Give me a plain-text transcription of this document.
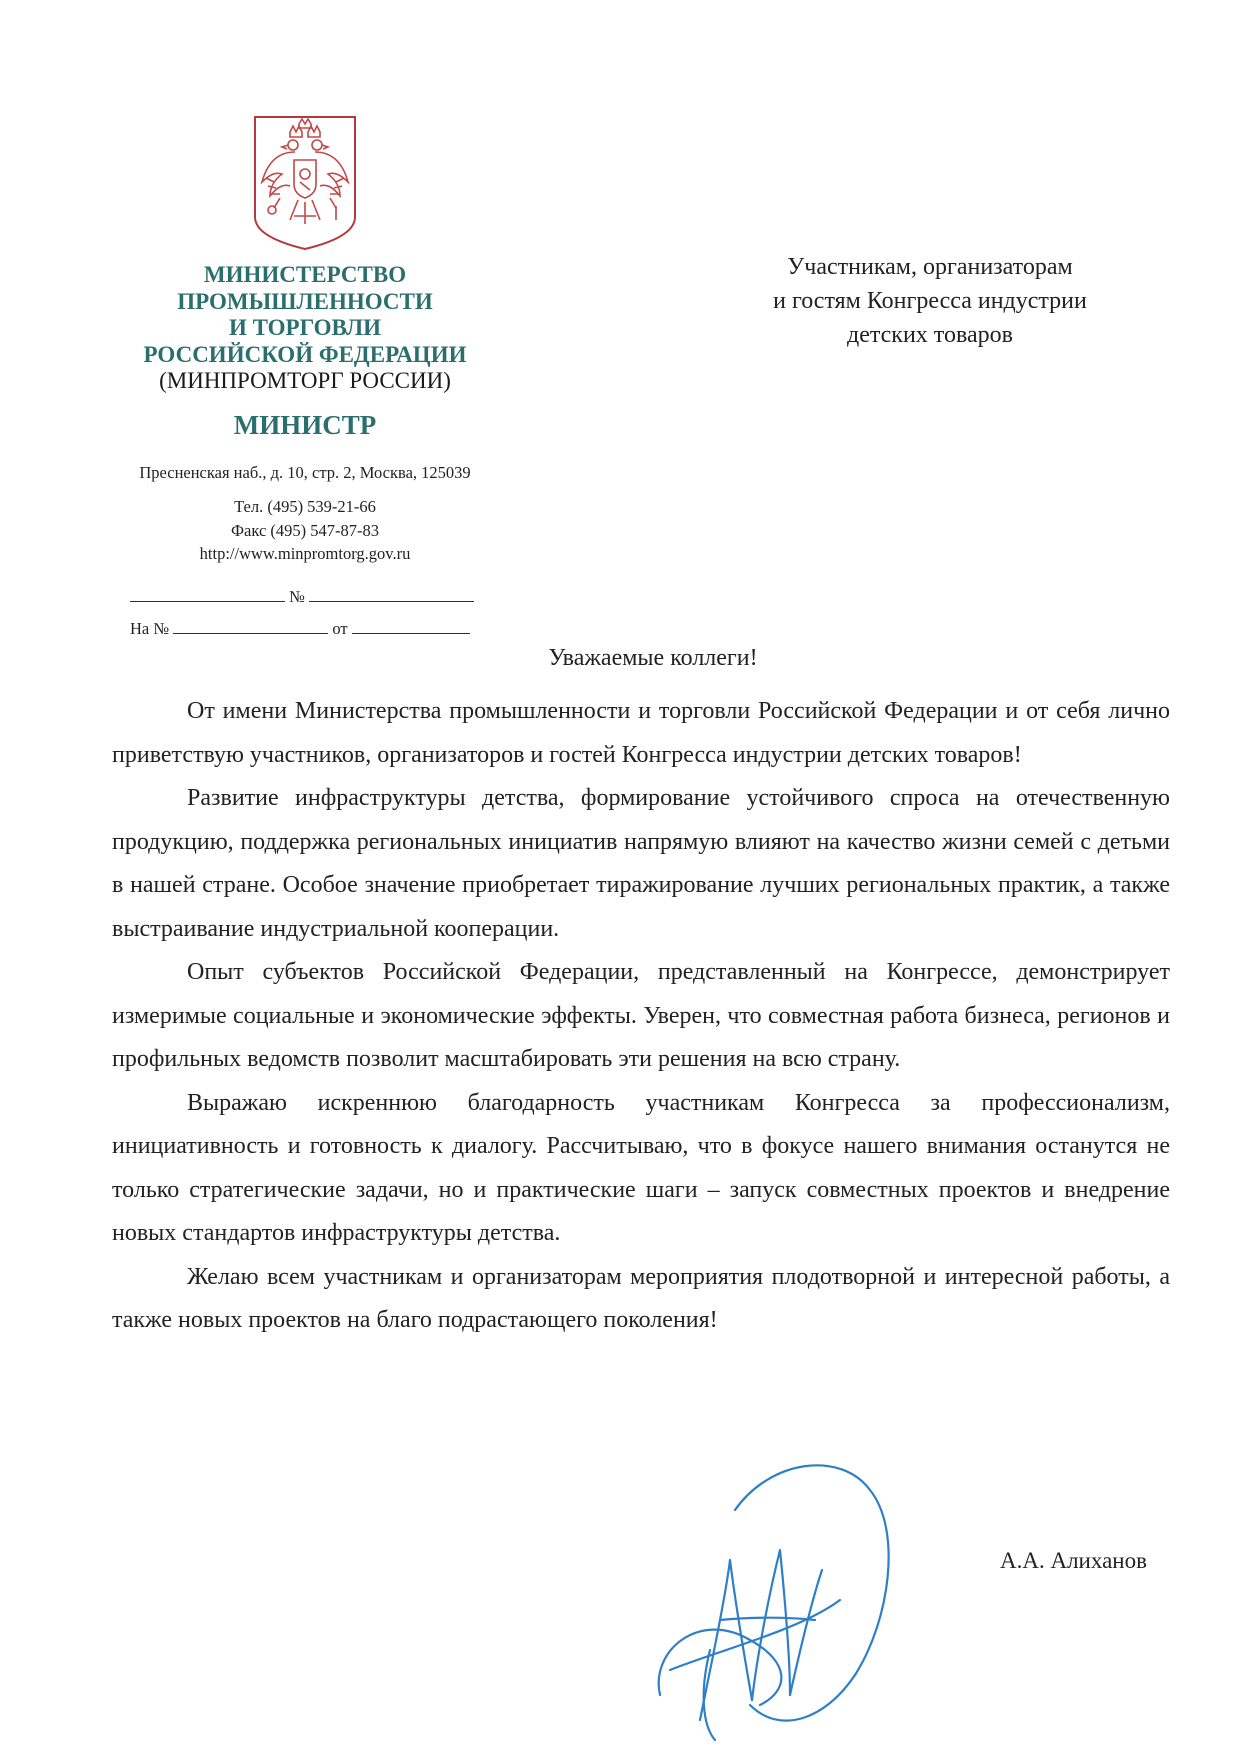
МИНИСТЕРСТВО
ПРОМЫШЛЕННОСТИ
И ТОРГОВЛИ
РОССИЙСКОЙ ФЕДЕРАЦИИ
(МИНПРОМТОРГ РОССИИ)
МИНИСТР
Пресненская наб., д. 10, стр. 2, Москва, 125039
Тел. (495) 539-21-66
Факс (495) 547-87-83
http://www.minpromtorg.gov.ru
№
На №	от
Участникам, организаторам
и гостям Конгресса индустрии
детских товаров
Уважаемые коллеги!

От имени Министерства промышленности и торговли Российской Федерации и от себя лично приветствую участников, организаторов и гостей Конгресса индустрии детских товаров!

Развитие инфраструктуры детства, формирование устойчивого спроса на отечественную продукцию, поддержка региональных инициатив напрямую влияют на качество жизни семей с детьми в нашей стране. Особое значение приобретает тиражирование лучших региональных практик, а также выстраивание индустриальной кооперации.

Опыт субъектов Российской Федерации, представленный на Конгрессе, демонстрирует измеримые социальные и экономические эффекты. Уверен, что совместная работа бизнеса, регионов и профильных ведомств позволит масштабировать эти решения на всю страну.

Выражаю искреннюю благодарность участникам Конгресса за профессионализм, инициативность и готовность к диалогу. Рассчитываю, что в фокусе нашего внимания останутся не только стратегические задачи, но и практические шаги – запуск совместных проектов и внедрение новых стандартов инфраструктуры детства.

Желаю всем участникам и организаторам мероприятия плодотворной и интересной работы, а также новых проектов на благо подрастающего поколения!

А.А. Алиханов
